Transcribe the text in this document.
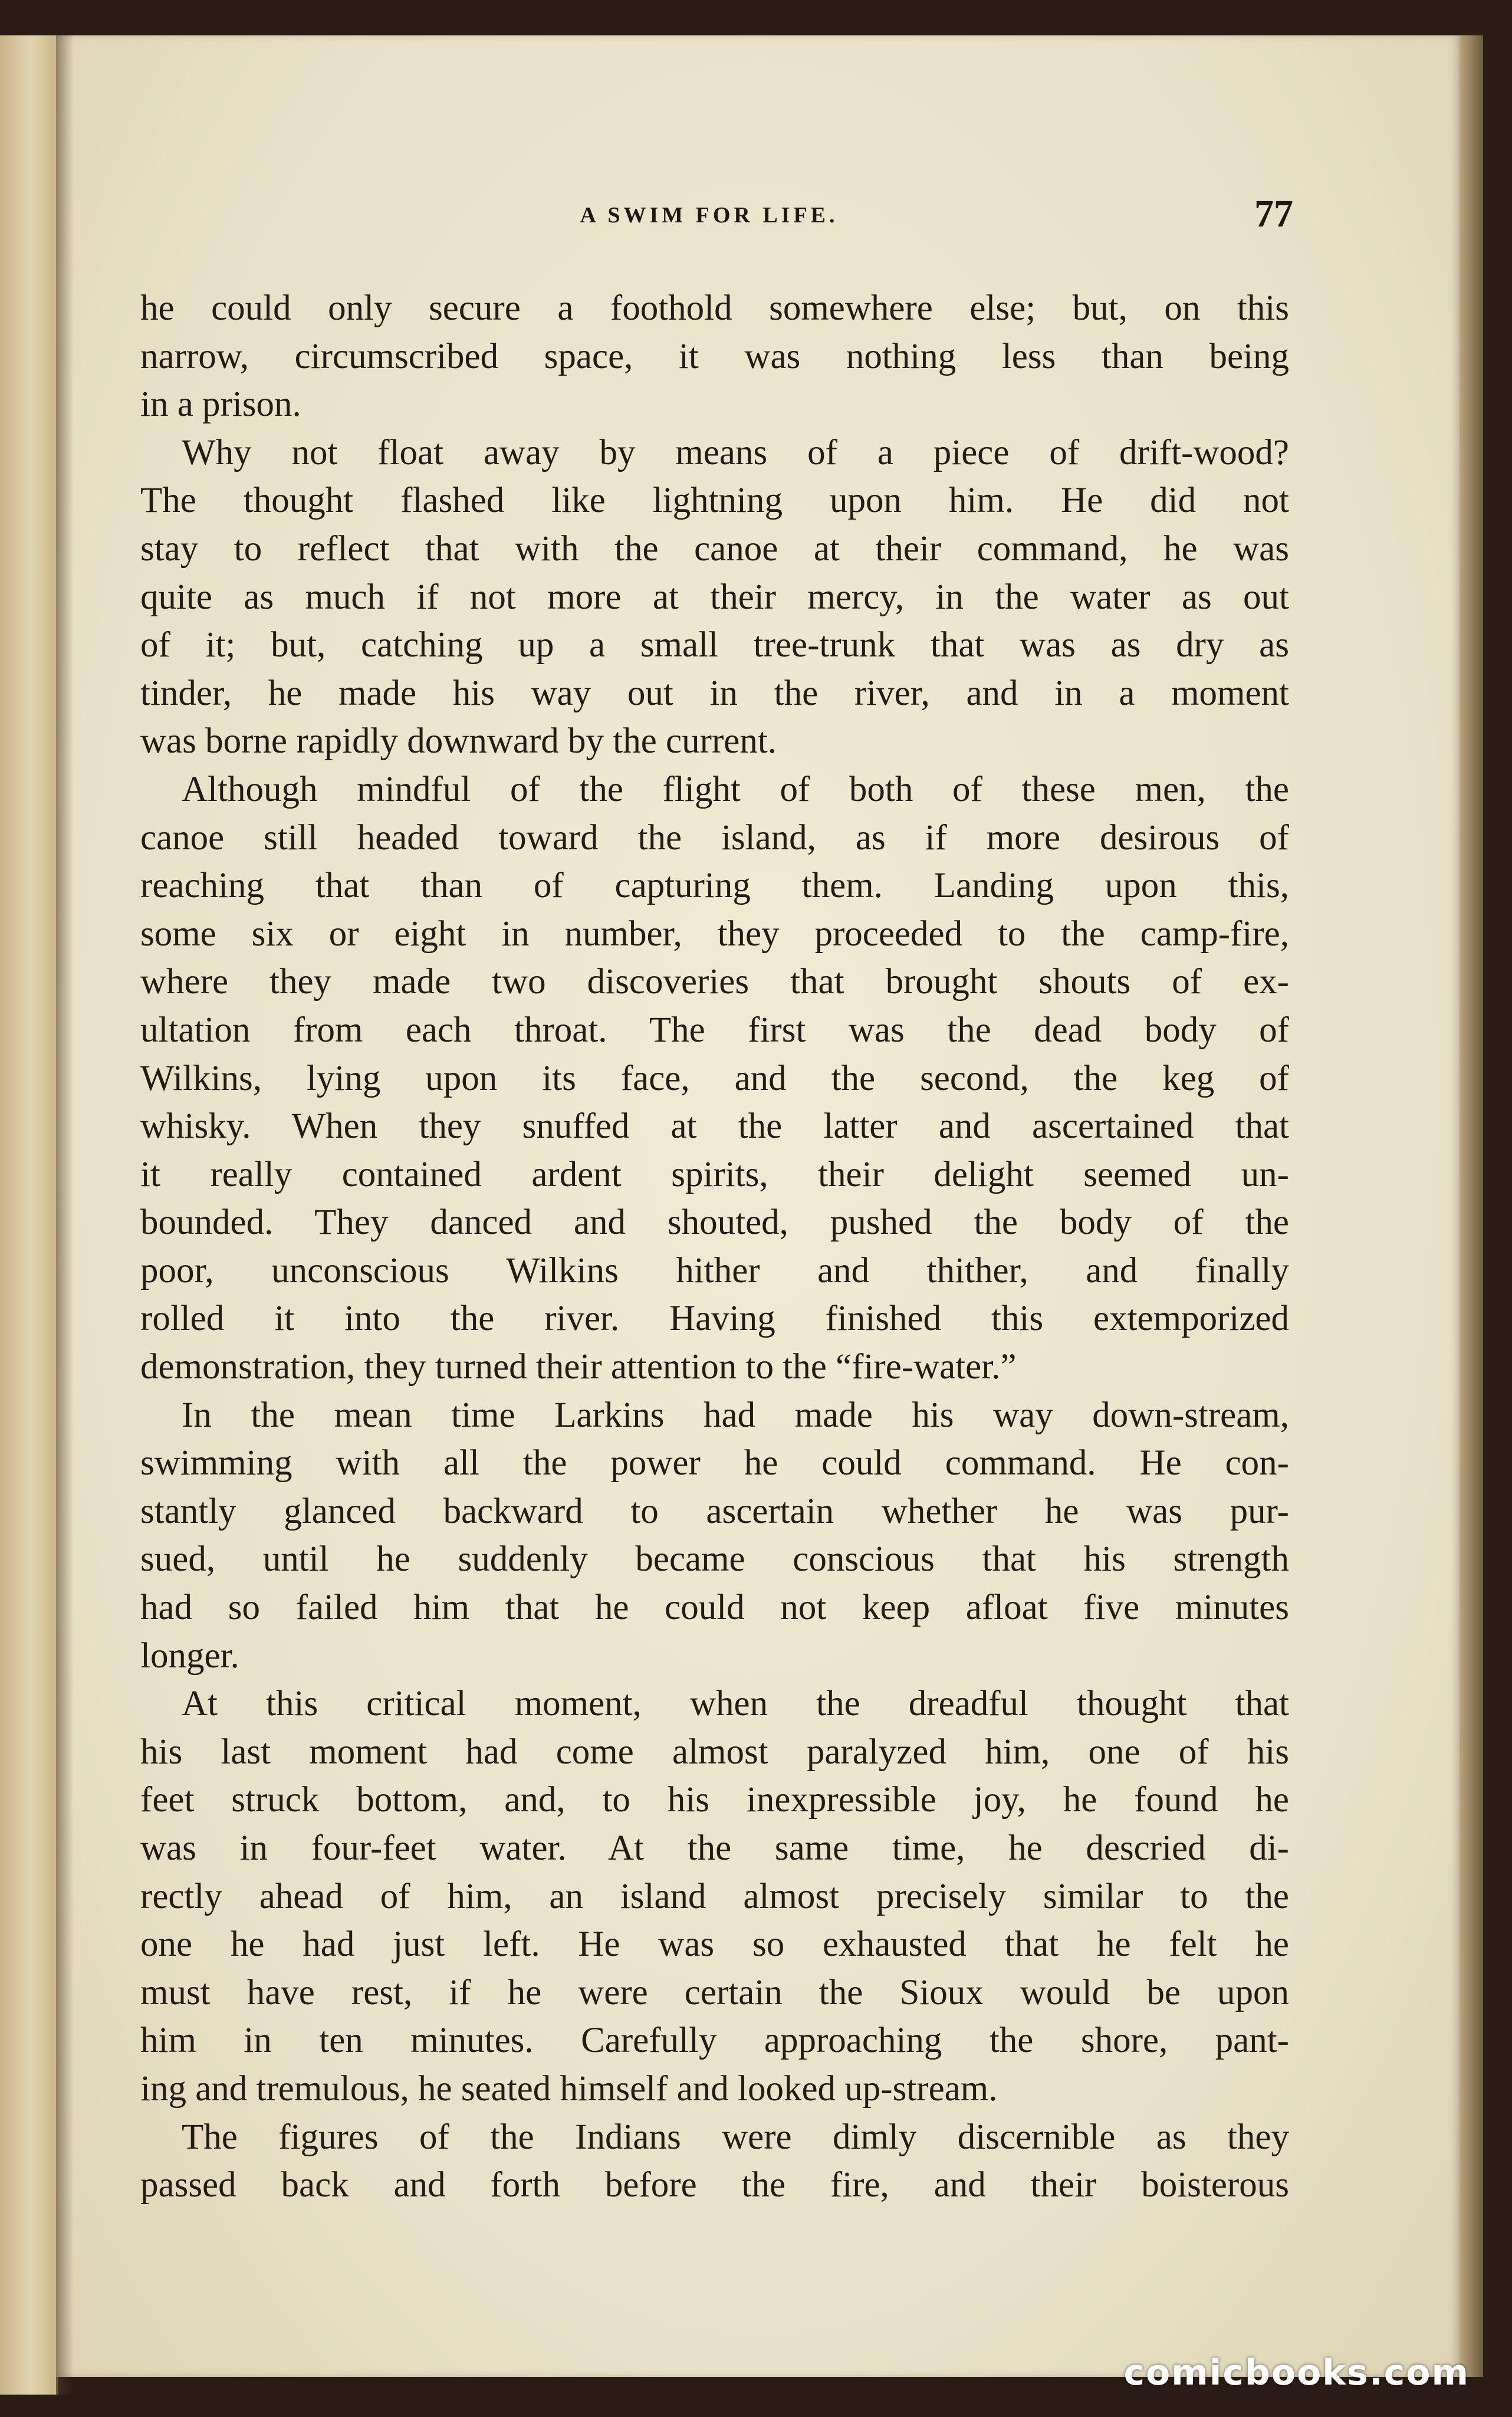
A SWIM FOR LIFE.	77
he could only secure a foothold somewhere else; but, on this
narrow, circumscribed space, it was nothing less than being
in a prison.
Why not float away by means of a piece of drift-wood?
The thought flashed like lightning upon him. He did not
stay to reflect that with the canoe at their command, he was
quite as much if not more at their mercy, in the water as out
of it; but, catching up a small tree-trunk that was as dry as
tinder, he made his way out in the river, and in a moment
was borne rapidly downward by the current.
Although mindful of the flight of both of these men, the
canoe still headed toward the island, as if more desirous of
reaching that than of capturing them. Landing upon this,
some six or eight in number, they proceeded to the camp-fire,
where they made two discoveries that brought shouts of ex-
ultation from each throat. The first was the dead body of
Wilkins, lying upon its face, and the second, the keg of
whisky. When they snuffed at the latter and ascertained that
it really contained ardent spirits, their delight seemed un-
bounded. They danced and shouted, pushed the body of the
poor, unconscious Wilkins hither and thither, and finally
rolled it into the river. Having finished this extemporized
demonstration, they turned their attention to the “fire-water.”
In the mean time Larkins had made his way down-stream,
swimming with all the power he could command. He con-
stantly glanced backward to ascertain whether he was pur-
sued, until he suddenly became conscious that his strength
had so failed him that he could not keep afloat five minutes
longer.
At this critical moment, when the dreadful thought that
his last moment had come almost paralyzed him, one of his
feet struck bottom, and, to his inexpressible joy, he found he
was in four-feet water. At the same time, he descried di-
rectly ahead of him, an island almost precisely similar to the
one he had just left. He was so exhausted that he felt he
must have rest, if he were certain the Sioux would be upon
him in ten minutes. Carefully approaching the shore, pant-
ing and tremulous, he seated himself and looked up-stream.
The figures of the Indians were dimly discernible as they
passed back and forth before the fire, and their boisterous
comicbooks.com
